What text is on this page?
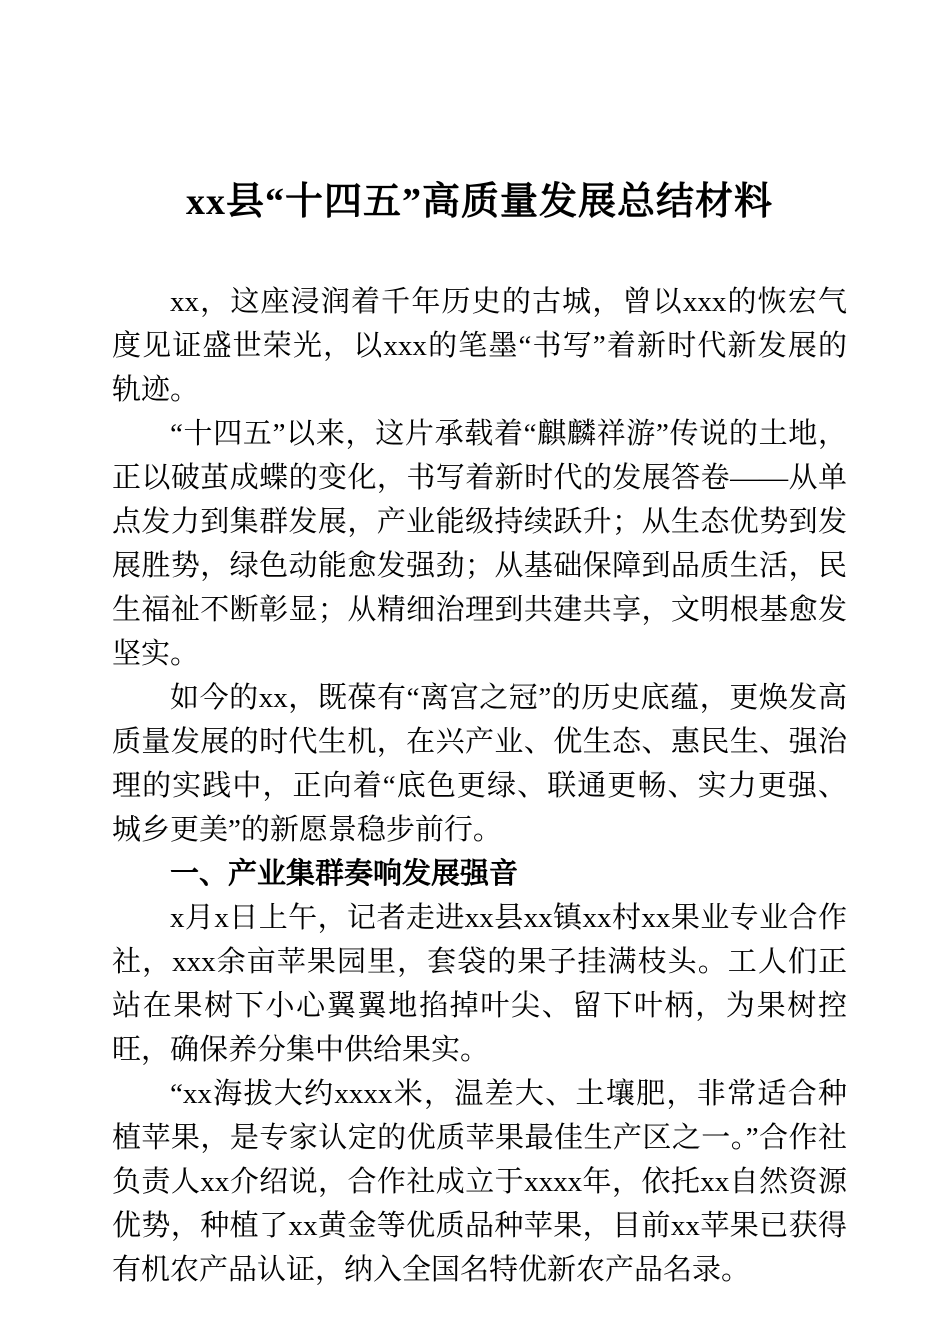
xx县“十四五”高质量发展总结材料

xx，这座浸润着千年历史的古城，曾以xxx的恢宏气度见证盛世荣光，以xxx的笔墨“书写”着新时代新发展的轨迹。

“十四五”以来，这片承载着“麒麟祥游”传说的土地，正以破茧成蝶的变化，书写着新时代的发展答卷——从单点发力到集群发展，产业能级持续跃升；从生态优势到发展胜势，绿色动能愈发强劲；从基础保障到品质生活，民生福祉不断彰显；从精细治理到共建共享，文明根基愈发坚实。

如今的xx，既葆有“离宫之冠”的历史底蕴，更焕发高质量发展的时代生机，在兴产业、优生态、惠民生、强治理的实践中，正向着“底色更绿、联通更畅、实力更强、城乡更美”的新愿景稳步前行。

一、产业集群奏响发展强音

x月x日上午，记者走进xx县xx镇xx村xx果业专业合作社，xxx余亩苹果园里，套袋的果子挂满枝头。工人们正站在果树下小心翼翼地掐掉叶尖、留下叶柄，为果树控旺，确保养分集中供给果实。

“xx海拔大约xxxx米，温差大、土壤肥，非常适合种植苹果，是专家认定的优质苹果最佳生产区之一。”合作社负责人xx介绍说，合作社成立于xxxx年，依托xx自然资源优势，种植了xx黄金等优质品种苹果，目前xx苹果已获得有机农产品认证，纳入全国名特优新农产品名录。
